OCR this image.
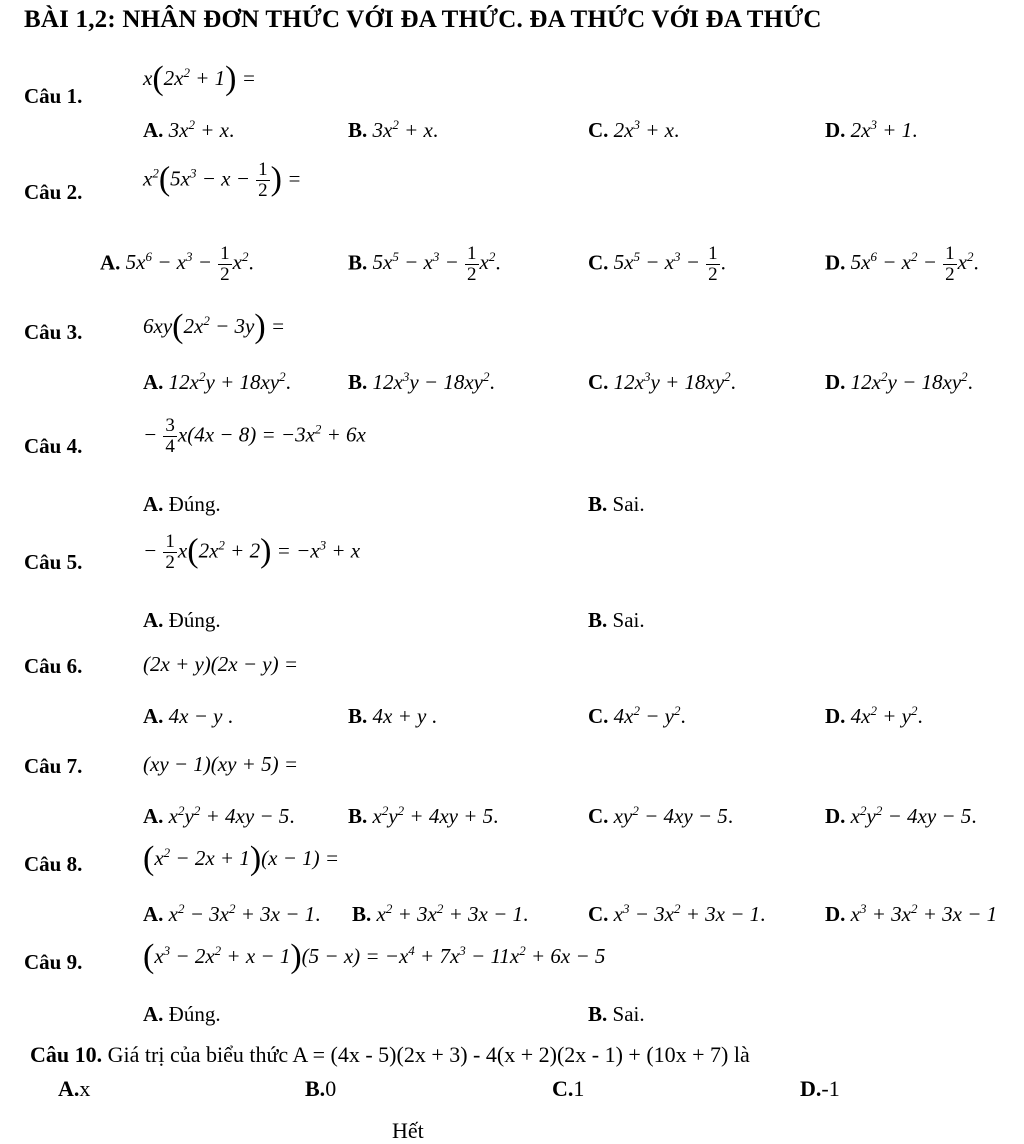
BÀI 1,2: NHÂN ĐƠN THỨC VỚI ĐA THỨC. ĐA THỨC VỚI ĐA THỨC
Câu 1.
$x(2x^2 + 1)$ =
A. $3x^2 + x$.	B. $3x^2 + x$.	C. $2x^3 + x$.	D. $2x^3 + 1$.
Câu 2.
$x^2(5x^3 - x - \frac{1}{2}$ ) =
A. $5x^6 - x^3 - \frac{1}{2} x^2$.	B. $5x^5 - x^3 - \frac{1}{2} x^2$.	C. $5x^5 - x^3 - \frac{1}{2}$ .	D. $5x^6 - x^2 - \frac{1}{2} x^2$.
Câu 3.	$6xy(2x^2 - 3y)$ =
A. $12x^2y + 18xy^2$.	B. $12x^3y - 18xy^2$.	C. $12x^3y + 18xy^2$.	D. $12x^2y - 18xy^2$.
Câu 4.	− $\frac{3}{4} x(4x - 8) = -3x^2 + 6x$
A. Đúng.	B. Sai.
Câu 5.	− $\frac{1}{2} x(2x^2 + 2) = -x^3 + x$
A. Đúng.	B. Sai.
Câu 6.	(2x + y)(2x − y) =
A. 4x − y .	B. 4x + y .	C. $4x^2 - y^2$.	D. $4x^2 + y^2$.
Câu 7.	(xy − 1)(xy + 5) =
A. $x^2y^2 + 4xy - 5$.	B. $x^2y^2 + 4xy + 5$.	C. $xy^2 - 4xy - 5$.	D. $x^2y^2 - 4xy - 5$.
Câu 8. $(x^2 - 2x + 1)(x - 1)$ =
A. $x^2 - 3x^2 + 3x - 1$. B. $x^2 + 3x^2 + 3x - 1$.	C. $x^3 - 3x^2 + 3x - 1$.	D. $x^3 + 3x^2 + 3x - 1$
Câu 9. $(x^3 - 2x^2 + x - 1)(5 - x) = -x^4 + 7x^3 - 11x^2 + 6x - 5$
A. Đúng.	B. Sai.
Câu 10. Giá trị của biểu thức A = (4x - 5)(2x + 3) - 4(x + 2)(2x - 1) + (10x + 7) là
A.x	B.0	C.1	D.-1
Hết
